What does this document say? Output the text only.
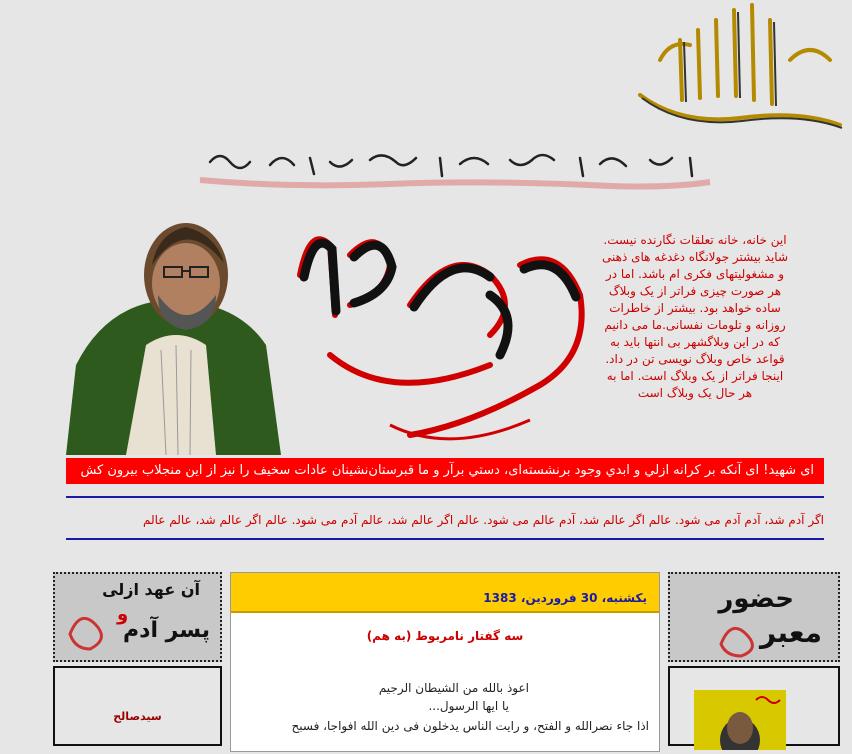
این خانه، خانه تعلقات نگارنده نیست. شاید بیشتر جولانگاه دغدغه های ذهنی و مشغولیتهای فکری ام باشد. اما در هر صورت چیزی فراتر از یک وبلاگ ساده خواهد بود. بیشتر از خاطرات روزانه و تلومات نفسانی.ما می دانیم که در این وبلاگشهر بی انتها باید به قواعد خاص وبلاگ نویسی تن در داد. اینجا فراتر از یک وبلاگ است. اما به هر حال یک وبلاگ است
ای شهید! ای آنکه بر کرانه ازلي و ابدي وجود برنشسته‌ای، دستي برآر و ما قبرستان‌نشينان عادات سخيف را نيز از اين منجلاب بيرون کش
اگر آدم شد، آدم آدم می شود. عالم اگر عالم شد، آدم عالم می شود. عالم اگر عالم شد، عالم آدم می شود. عالم اگر عالم شد، عالم عالم
آن عهد ازلی
پسر آدم
و
حضور
معبر
سیدصالح
يکشنبه، 30 فروردين، 1383
سه گفتار نامربوط (به هم)
اعوذ بالله من الشیطان الرجیم
یا ایها الرسول...
اذا جاء نصرالله و الفتح، و رایت الناس یدخلون فی دین الله افواجا، فسبح
